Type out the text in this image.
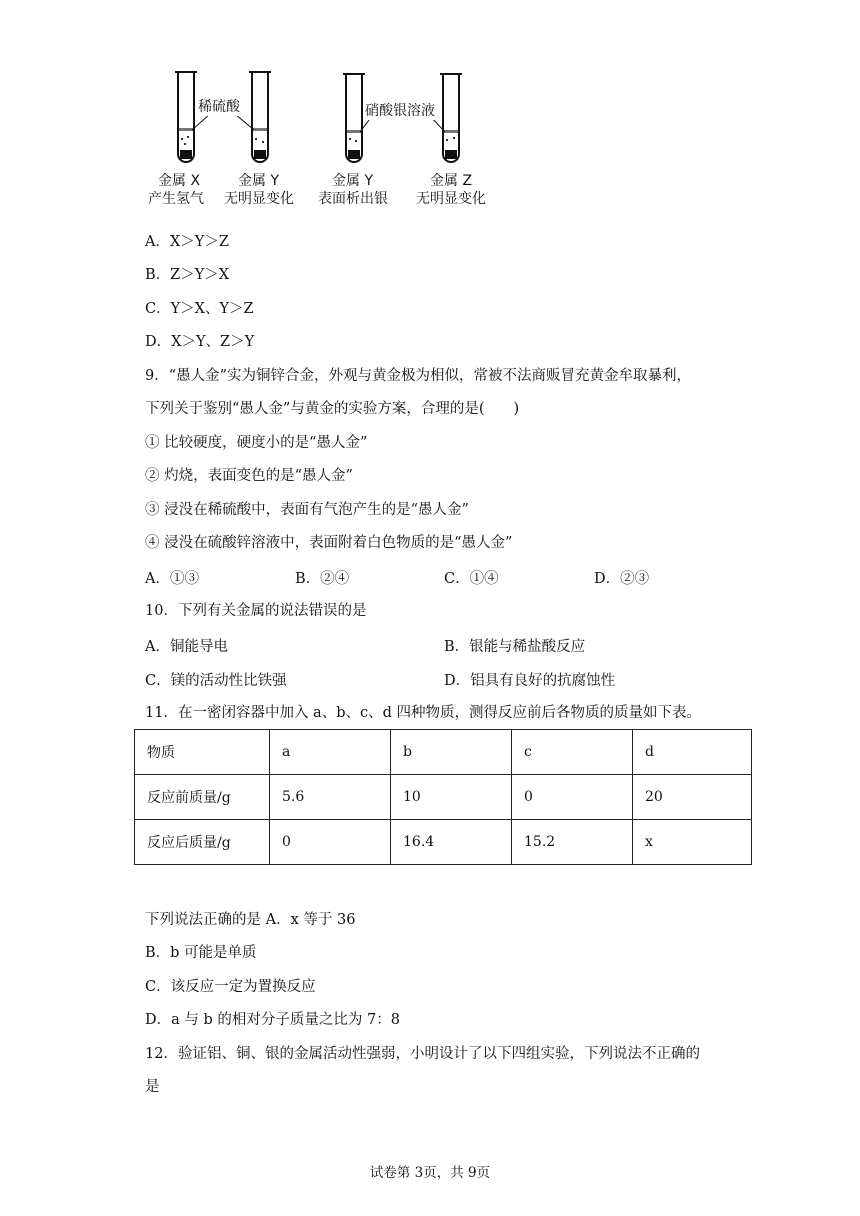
稀硫酸	硝酸银溶液
金属 X
产生氢气
金属 Y
无明显变化
金属 Y
表面析出银
金属 Z
无明显变化
A．X＞Y＞Z
B．Z＞Y＞X
C．Y＞X、Y＞Z
D．X＞Y、Z＞Y
9．“愚人金”实为铜锌合金，外观与黄金极为相似，常被不法商贩冒充黄金牟取暴利，
下列关于鉴别“愚人金”与黄金的实验方案，合理的是(　　)
① 比较硬度，硬度小的是“愚人金”
② 灼烧，表面变色的是“愚人金”
③ 浸没在稀硫酸中，表面有气泡产生的是“愚人金”
④ 浸没在硫酸锌溶液中，表面附着白色物质的是“愚人金”
A．①③	B．②④	C．①④	D．②③
10．下列有关金属的说法错误的是
A．铜能导电	B．银能与稀盐酸反应
C．镁的活动性比铁强	D．铝具有良好的抗腐蚀性
11．在一密闭容器中加入 a、b、c、d 四种物质，测得反应前后各物质的质量如下表。
物质	a	b	c	d
反应前质量/g	5.6	10	0	20
反应后质量/g	0	16.4	15.2	x
下列说法正确的是 A．x 等于 36
B．b 可能是单质
C．该反应一定为置换反应
D．a 与 b 的相对分子质量之比为 7：8
12．验证铝、铜、银的金属活动性强弱，小明设计了以下四组实验，下列说法不正确的
是
试卷第 3页，共 9页
